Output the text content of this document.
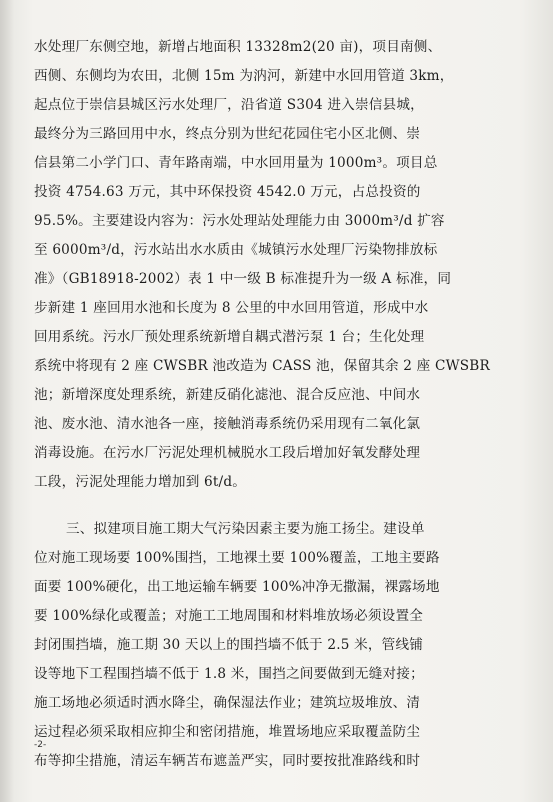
水处理厂东侧空地，新增占地面积 13328m2(20 亩)，项目南侧、
西侧、东侧均为农田，北侧 15m 为汭河，新建中水回用管道 3km，
起点位于崇信县城区污水处理厂，沿省道 S304 进入崇信县城，
最终分为三路回用中水，终点分别为世纪花园住宅小区北侧、崇
信县第二小学门口、青年路南端，中水回用量为 1000m³。项目总
投资 4754.63 万元，其中环保投资 4542.0 万元，占总投资的
95.5%。主要建设内容为：污水处理站处理能力由 3000m³/d 扩容
至 6000m³/d，污水站出水水质由《城镇污水处理厂污染物排放标
准》（GB18918-2002）表 1 中一级 B 标准提升为一级 A 标准，同
步新建 1 座回用水池和长度为 8 公里的中水回用管道，形成中水
回用系统。污水厂预处理系统新增自耦式潜污泵 1 台；生化处理
系统中将现有 2 座 CWSBR 池改造为 CASS 池，保留其余 2 座 CWSBR
池；新增深度处理系统，新建反硝化滤池、混合反应池、中间水
池、废水池、清水池各一座，接触消毒系统仍采用现有二氧化氯
消毒设施。在污水厂污泥处理机械脱水工段后增加好氧发酵处理
工段，污泥处理能力增加到 6t/d。
三、拟建项目施工期大气污染因素主要为施工扬尘。建设单
位对施工现场要 100%围挡，工地裸土要 100%覆盖，工地主要路
面要 100%硬化，出工地运输车辆要 100%冲净无撒漏，裸露场地
要 100%绿化或覆盖；对施工工地周围和材料堆放场必须设置全
封闭围挡墙，施工期 30 天以上的围挡墙不低于 2.5 米，管线铺
设等地下工程围挡墙不低于 1.8 米，围挡之间要做到无缝对接；
施工场地必须适时洒水降尘，确保湿法作业；建筑垃圾堆放、清
运过程必须采取相应抑尘和密闭措施，堆置场地应采取覆盖防尘
布等抑尘措施，清运车辆苫布遮盖严实，同时要按批准路线和时
-2-
